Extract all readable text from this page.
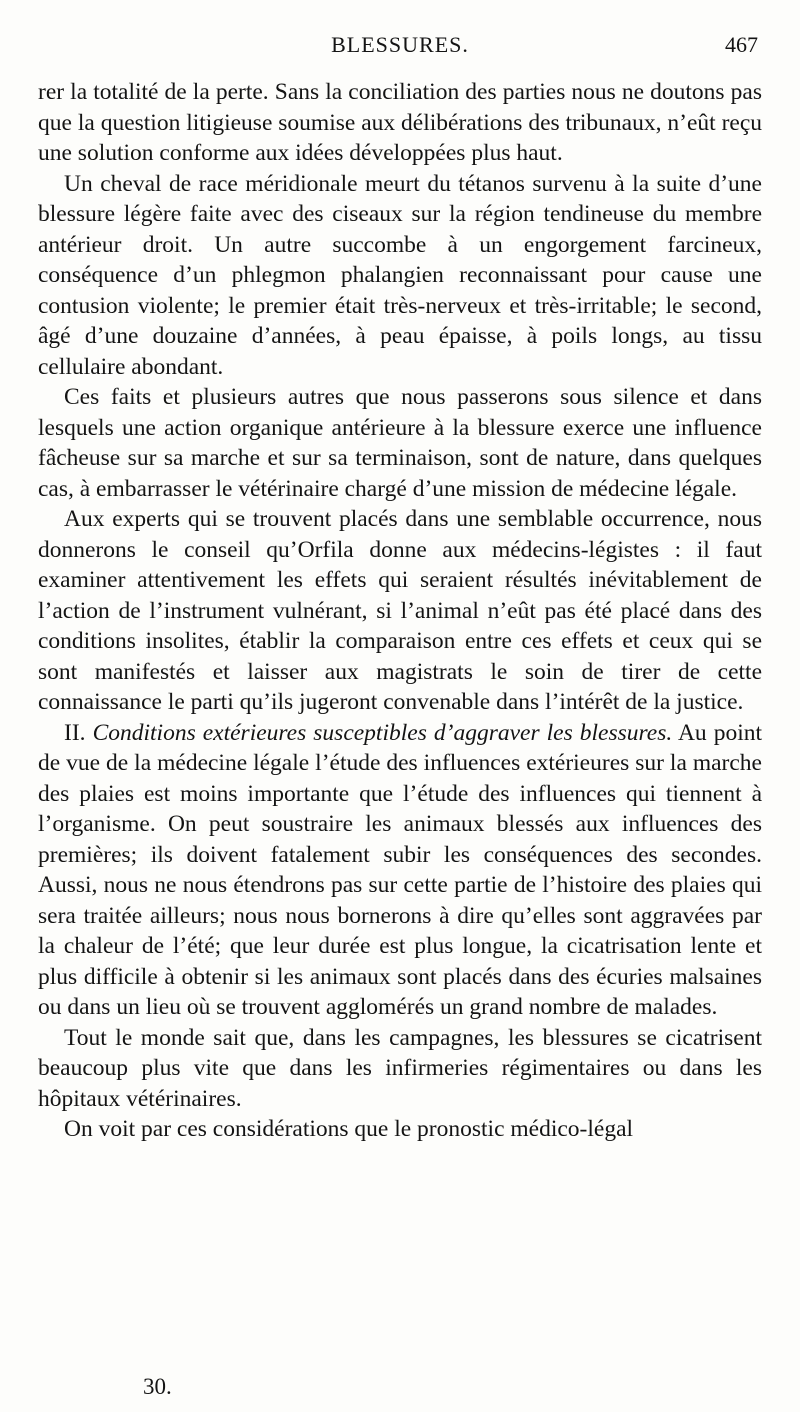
BLESSURES.	467

rer la totalité de la perte. Sans la conciliation des parties nous ne doutons pas que la question litigieuse soumise aux délibérations des tribunaux, n’eût reçu une solution conforme aux idées développées plus haut.

Un cheval de race méridionale meurt du tétanos survenu à la suite d’une blessure légère faite avec des ciseaux sur la région tendineuse du membre antérieur droit. Un autre succombe à un engorgement farcineux, conséquence d’un phlegmon phalangien reconnaissant pour cause une contusion violente; le premier était très-nerveux et très-irritable; le second, âgé d’une douzaine d’années, à peau épaisse, à poils longs, au tissu cellulaire abondant.

Ces faits et plusieurs autres que nous passerons sous silence et dans lesquels une action organique antérieure à la blessure exerce une influence fâcheuse sur sa marche et sur sa terminaison, sont de nature, dans quelques cas, à embarrasser le vétérinaire chargé d’une mission de médecine légale.

Aux experts qui se trouvent placés dans une semblable occurrence, nous donnerons le conseil qu’Orfila donne aux médecins-légistes : il faut examiner attentivement les effets qui seraient résultés inévitablement de l’action de l’instrument vulnérant, si l’animal n’eût pas été placé dans des conditions insolites, établir la comparaison entre ces effets et ceux qui se sont manifestés et laisser aux magistrats le soin de tirer de cette connaissance le parti qu’ils jugeront convenable dans l’intérêt de la justice.

II. Conditions extérieures susceptibles d’aggraver les blessures. Au point de vue de la médecine légale l’étude des influences extérieures sur la marche des plaies est moins importante que l’étude des influences qui tiennent à l’organisme. On peut soustraire les animaux blessés aux influences des premières; ils doivent fatalement subir les conséquences des secondes. Aussi, nous ne nous étendrons pas sur cette partie de l’histoire des plaies qui sera traitée ailleurs; nous nous bornerons à dire qu’elles sont aggravées par la chaleur de l’été; que leur durée est plus longue, la cicatrisation lente et plus difficile à obtenir si les animaux sont placés dans des écuries malsaines ou dans un lieu où se trouvent agglomérés un grand nombre de malades.

Tout le monde sait que, dans les campagnes, les blessures se cicatrisent beaucoup plus vite que dans les infirmeries régimentaires ou dans les hôpitaux vétérinaires.

On voit par ces considérations que le pronostic médico-légal

30.
